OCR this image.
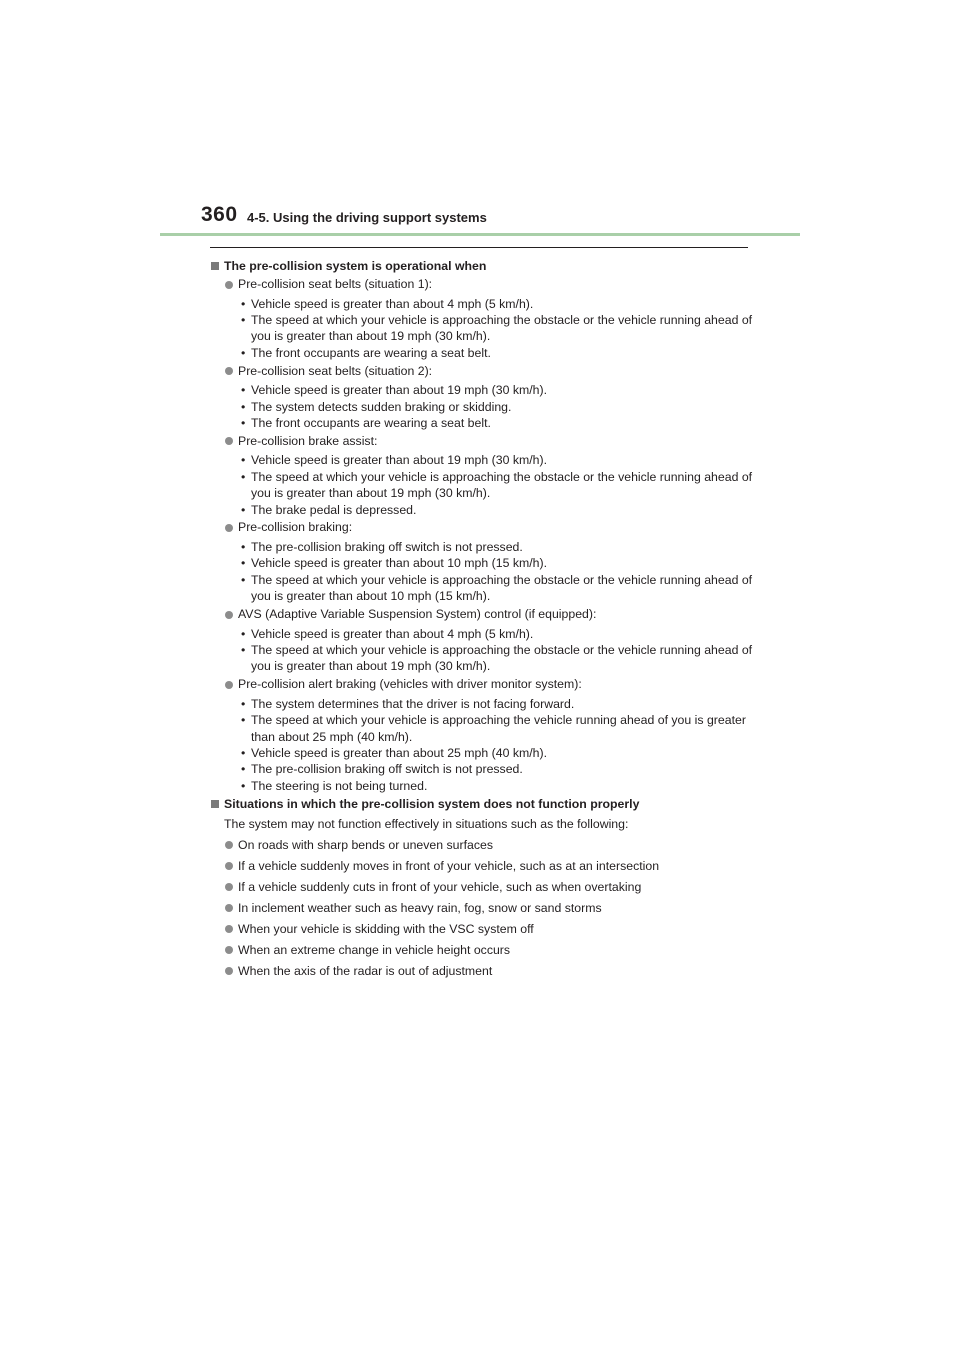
360 4-5. Using the driving support systems
The pre-collision system is operational when
Pre-collision seat belts (situation 1):
• Vehicle speed is greater than about 4 mph (5 km/h).
• The speed at which your vehicle is approaching the obstacle or the vehicle running ahead of you is greater than about 19 mph (30 km/h).
• The front occupants are wearing a seat belt.
Pre-collision seat belts (situation 2):
• Vehicle speed is greater than about 19 mph (30 km/h).
• The system detects sudden braking or skidding.
• The front occupants are wearing a seat belt.
Pre-collision brake assist:
• Vehicle speed is greater than about 19 mph (30 km/h).
• The speed at which your vehicle is approaching the obstacle or the vehicle running ahead of you is greater than about 19 mph (30 km/h).
• The brake pedal is depressed.
Pre-collision braking:
• The pre-collision braking off switch is not pressed.
• Vehicle speed is greater than about 10 mph (15 km/h).
• The speed at which your vehicle is approaching the obstacle or the vehicle running ahead of you is greater than about 10 mph (15 km/h).
AVS (Adaptive Variable Suspension System) control (if equipped):
• Vehicle speed is greater than about 4 mph (5 km/h).
• The speed at which your vehicle is approaching the obstacle or the vehicle running ahead of you is greater than about 19 mph (30 km/h).
Pre-collision alert braking (vehicles with driver monitor system):
• The system determines that the driver is not facing forward.
• The speed at which your vehicle is approaching the vehicle running ahead of you is greater than about 25 mph (40 km/h).
• Vehicle speed is greater than about 25 mph (40 km/h).
• The pre-collision braking off switch is not pressed.
• The steering is not being turned.
Situations in which the pre-collision system does not function properly
The system may not function effectively in situations such as the following:
On roads with sharp bends or uneven surfaces
If a vehicle suddenly moves in front of your vehicle, such as at an intersection
If a vehicle suddenly cuts in front of your vehicle, such as when overtaking
In inclement weather such as heavy rain, fog, snow or sand storms
When your vehicle is skidding with the VSC system off
When an extreme change in vehicle height occurs
When the axis of the radar is out of adjustment
